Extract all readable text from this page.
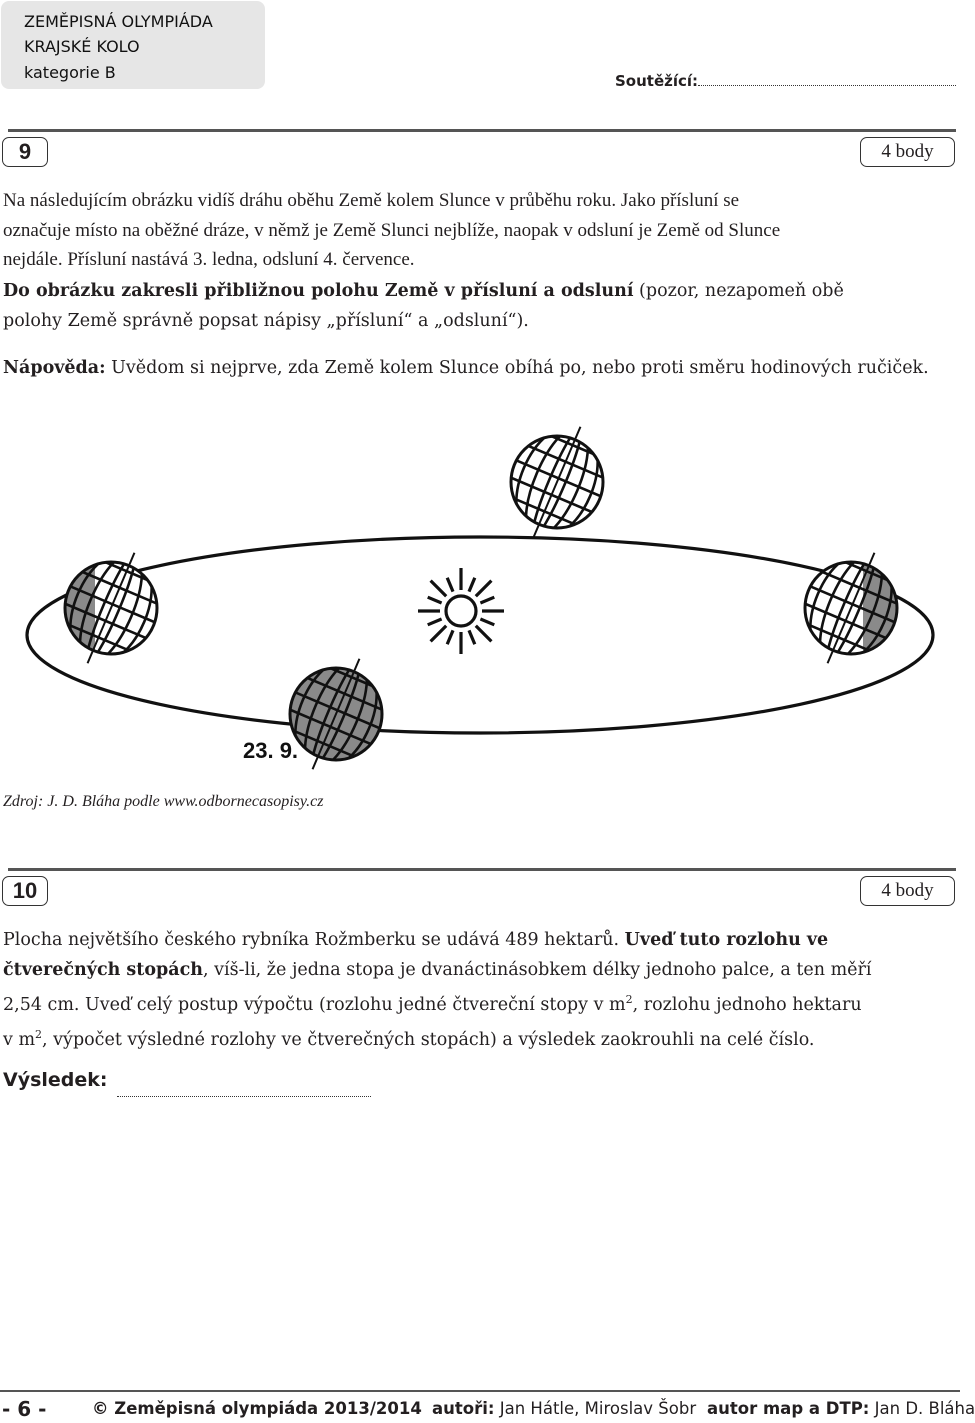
ZEMĚPISNÁ OLYMPIÁDA
KRAJSKÉ KOLO
kategorie B	Soutěžící:
9	4 body
Na následujícím obrázku vidíš dráhu oběhu Země kolem Slunce v průběhu roku. Jako přísluní se
označuje místo na oběžné dráze, v němž je Země Slunci nejblíže, naopak v odsluní je Země od Slunce
nejdále. Přísluní nastává 3. ledna, odsluní 4. července.
Do obrázku zakresli přibližnou polohu Země v přísluní a odsluní (pozor, nezapomeň obě
polohy Země správně popsat nápisy „přísluní“ a „odsluní“).
Nápověda: Uvědom si nejprve, zda Země kolem Slunce obíhá po, nebo proti směru hodinových ručiček.
23. 9.
Zdroj: J. D. Bláha podle www.odbornecasopisy.cz
10	4 body
Plocha největšího českého rybníka Rožmberku se udává 489 hektarů. Uveď tuto rozlohu ve
čtverečných stopách, víš-li, že jedna stopa je dvanáctinásobkem délky jednoho palce, a ten měří
2,54 cm. Uveď celý postup výpočtu (rozlohu jedné čtvereční stopy v $m^2$, rozlohu jednoho hektaru
v $m^2$, výpočet výsledné rozlohy ve čtverečných stopách) a výsledek zaokrouhli na celé číslo.
Výsledek:
- 6 -	© Zeměpisná olympiáda 2013/2014 autoři: Jan Hátle, Miroslav Šobr autor map a DTP: Jan D. Bláha
